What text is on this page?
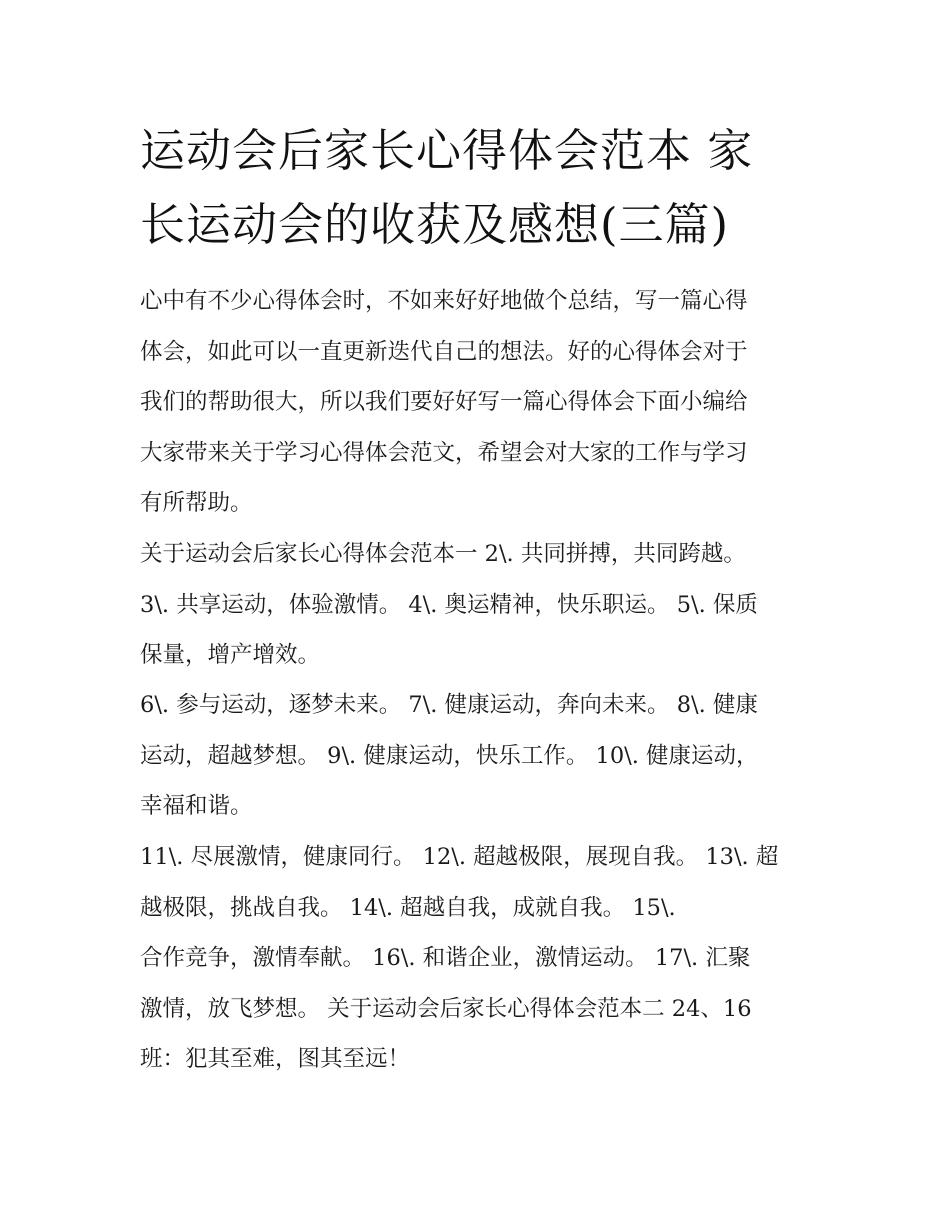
运动会后家长心得体会范本 家
长运动会的收获及感想(三篇)
心中有不少心得体会时，不如来好好地做个总结，写一篇心得
体会，如此可以一直更新迭代自己的想法。好的心得体会对于
我们的帮助很大，所以我们要好好写一篇心得体会下面小编给
大家带来关于学习心得体会范文，希望会对大家的工作与学习
有所帮助。
关于运动会后家长心得体会范本一 2\. 共同拼搏，共同跨越。
3\. 共享运动，体验激情。 4\. 奥运精神，快乐职运。 5\. 保质
保量，增产增效。
6\. 参与运动，逐梦未来。 7\. 健康运动，奔向未来。 8\. 健康
运动，超越梦想。 9\. 健康运动，快乐工作。 10\. 健康运动，
幸福和谐。
11\. 尽展激情，健康同行。 12\. 超越极限，展现自我。 13\. 超
越极限，挑战自我。 14\. 超越自我，成就自我。 15\.
合作竞争，激情奉献。 16\. 和谐企业，激情运动。 17\. 汇聚
激情，放飞梦想。 关于运动会后家长心得体会范本二 24、16
班：犯其至难，图其至远！
